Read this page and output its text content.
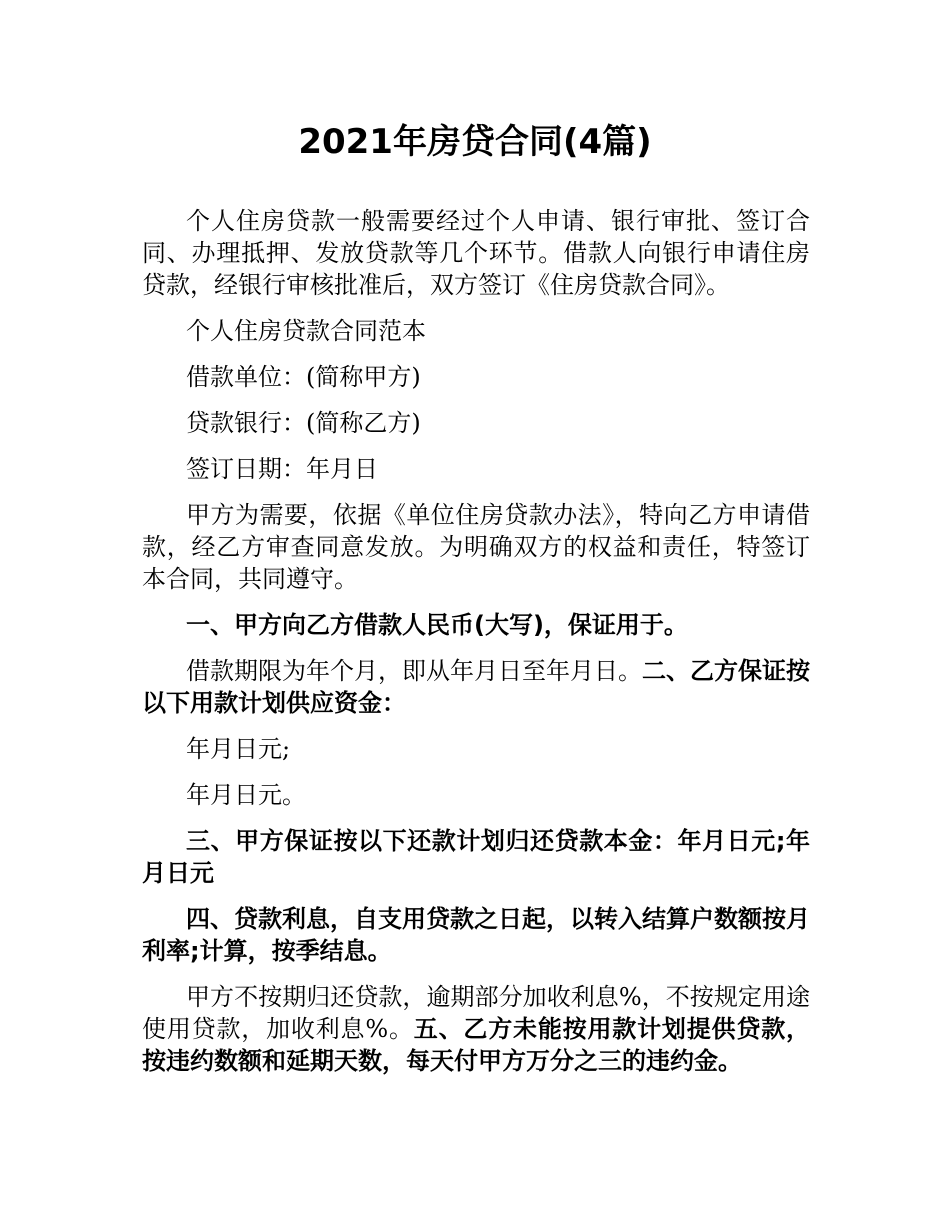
2021年房贷合同(4篇)

个人住房贷款一般需要经过个人申请、银行审批、签订合同、办理抵押、发放贷款等几个环节。借款人向银行申请住房贷款，经银行审核批准后，双方签订《住房贷款合同》。

个人住房贷款合同范本

借款单位：(简称甲方)

贷款银行：(简称乙方)

签订日期：年月日

甲方为需要，依据《单位住房贷款办法》，特向乙方申请借款，经乙方审查同意发放。为明确双方的权益和责任，特签订本合同，共同遵守。

一、甲方向乙方借款人民币(大写)，保证用于。

借款期限为年个月，即从年月日至年月日。二、乙方保证按以下用款计划供应资金：

年月日元;

年月日元。

三、甲方保证按以下还款计划归还贷款本金：年月日元;年月日元

四、贷款利息，自支用贷款之日起，以转入结算户数额按月利率;计算，按季结息。

甲方不按期归还贷款，逾期部分加收利息%，不按规定用途使用贷款，加收利息%。五、乙方未能按用款计划提供贷款，按违约数额和延期天数，每天付甲方万分之三的违约金。
